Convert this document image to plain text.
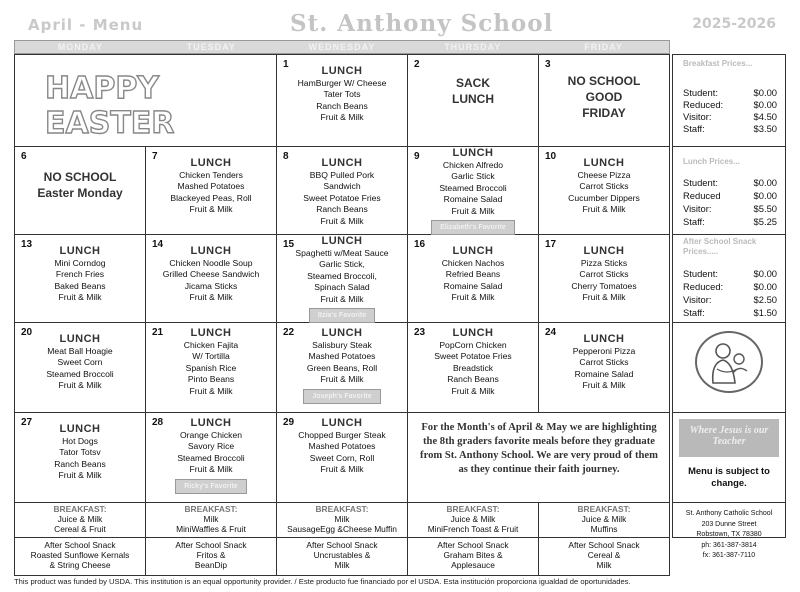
April - Menu	St. Anthony School	2025-2026
MONDAY	TUESDAY	WEDNESDAY	THURSDAY	FRIDAY
HAPPY EASTER
1
LUNCH
HamBurger W/ Cheese
Tater Tots
Ranch Beans
Fruit & Milk
2
SACK
LUNCH
3
NO SCHOOL
GOOD
FRIDAY
6
NO SCHOOL
Easter Monday
7
LUNCH
Chicken Tenders
Mashed Potatoes
Blackeyed Peas, Roll
Fruit & Milk
8
LUNCH
BBQ Pulled Pork
Sandwich
Sweet Potatoe Fries
Ranch Beans
Fruit & Milk
9	LUNCH
Chicken Alfredo
Garlic Stick
Steamed Broccoli
Romaine Salad
Fruit & Milk
Elizabeth's Favorite
10
LUNCH
Cheese Pizza
Carrot Sticks
Cucumber Dippers
Fruit & Milk
13
LUNCH
Mini Corndog
French Fries
Baked Beans
Fruit & Milk
14
LUNCH
Chicken Noodle Soup
Grilled Cheese Sandwich
Jicama Sticks
Fruit & Milk
15	LUNCH
Spaghetti w/Meat Sauce
Garlic Stick,
Steamed Broccoli,
Spinach Salad
Fruit & Milk
Itzia's Favorite
16
LUNCH
Chicken Nachos
Refried Beans
Romaine Salad
Fruit & Milk
17
LUNCH
Pizza Sticks
Carrot Sticks
Cherry Tomatoes
Fruit & Milk
20
LUNCH
Meat Ball Hoagie
Sweet Corn
Steamed Broccoli
Fruit & Milk
21	LUNCH
Chicken Fajita
W/ Tortilla
Spanish Rice
Pinto Beans
Fruit & Milk
22	LUNCH
Salisbury Steak
Mashed Potatoes
Green Beans, Roll
Fruit & Milk
Joseph's Favorite
23	LUNCH
PopCorn Chicken
Sweet Potatoe Fries
Breadstick
Ranch Beans
Fruit & Milk
24
LUNCH
Pepperoni Pizza
Carrot Sticks
Romaine Salad
Fruit & Milk
27
LUNCH
Hot Dogs
Tator Totsv
Ranch Beans
Fruit & Milk
28	LUNCH
Orange Chicken
Savory Rice
Steamed Broccoli
Fruit & Milk
Ricky's Favorite
29	LUNCH
Chopped Burger Steak
Mashed Potatoes
Sweet Corn, Roll
Fruit & Milk

For the Month's of April & May we are highlighting the 8th graders favorite meals before they graduate from St. Anthony School. We are very proud of them as they continue their faith journey.

BREAKFAST:
Juice & Milk
Cereal & Fruit
BREAKFAST:
Milk
MiniWaffles & Fruit
BREAKFAST:
Milk
SausageEgg &Cheese Muffin
BREAKFAST:
Juice & Milk
MiniFrench Toast & Fruit
BREAKFAST:
Juice & Milk
Muffins
After School Snack
Roasted Sunflowe Kernals
& String Cheese
After School Snack
Fritos &
BeanDip
After School Snack
Uncrustables &
Milk
After School Snack
Graham Bites &
Applesauce
After School Snack
Cereal &
Milk
Breakfast Prices...
Student:	$0.00
Reduced:	$0.00
Visitor:	$4.50
Staff:	$3.50
Lunch Prices...
Student:	$0.00
Reduced	$0.00
Visitor:	$5.50
Staff:	$5.25
After School Snack Prices.....
Student:	$0.00
Reduced:	$0.00
Visitor:	$2.50
Staff:	$1.50
Where Jesus is our Teacher
Menu is subject to change.
St. Anthony Catholic School
203 Dunne Street
Robstown, TX 78380
ph: 361-387-3814
fx: 361-387-7110
This product was funded by USDA. This institution is an equal opportunity provider. / Este producto fue financiado por el USDA. Esta institución proporciona igualdad de oportunidades.
